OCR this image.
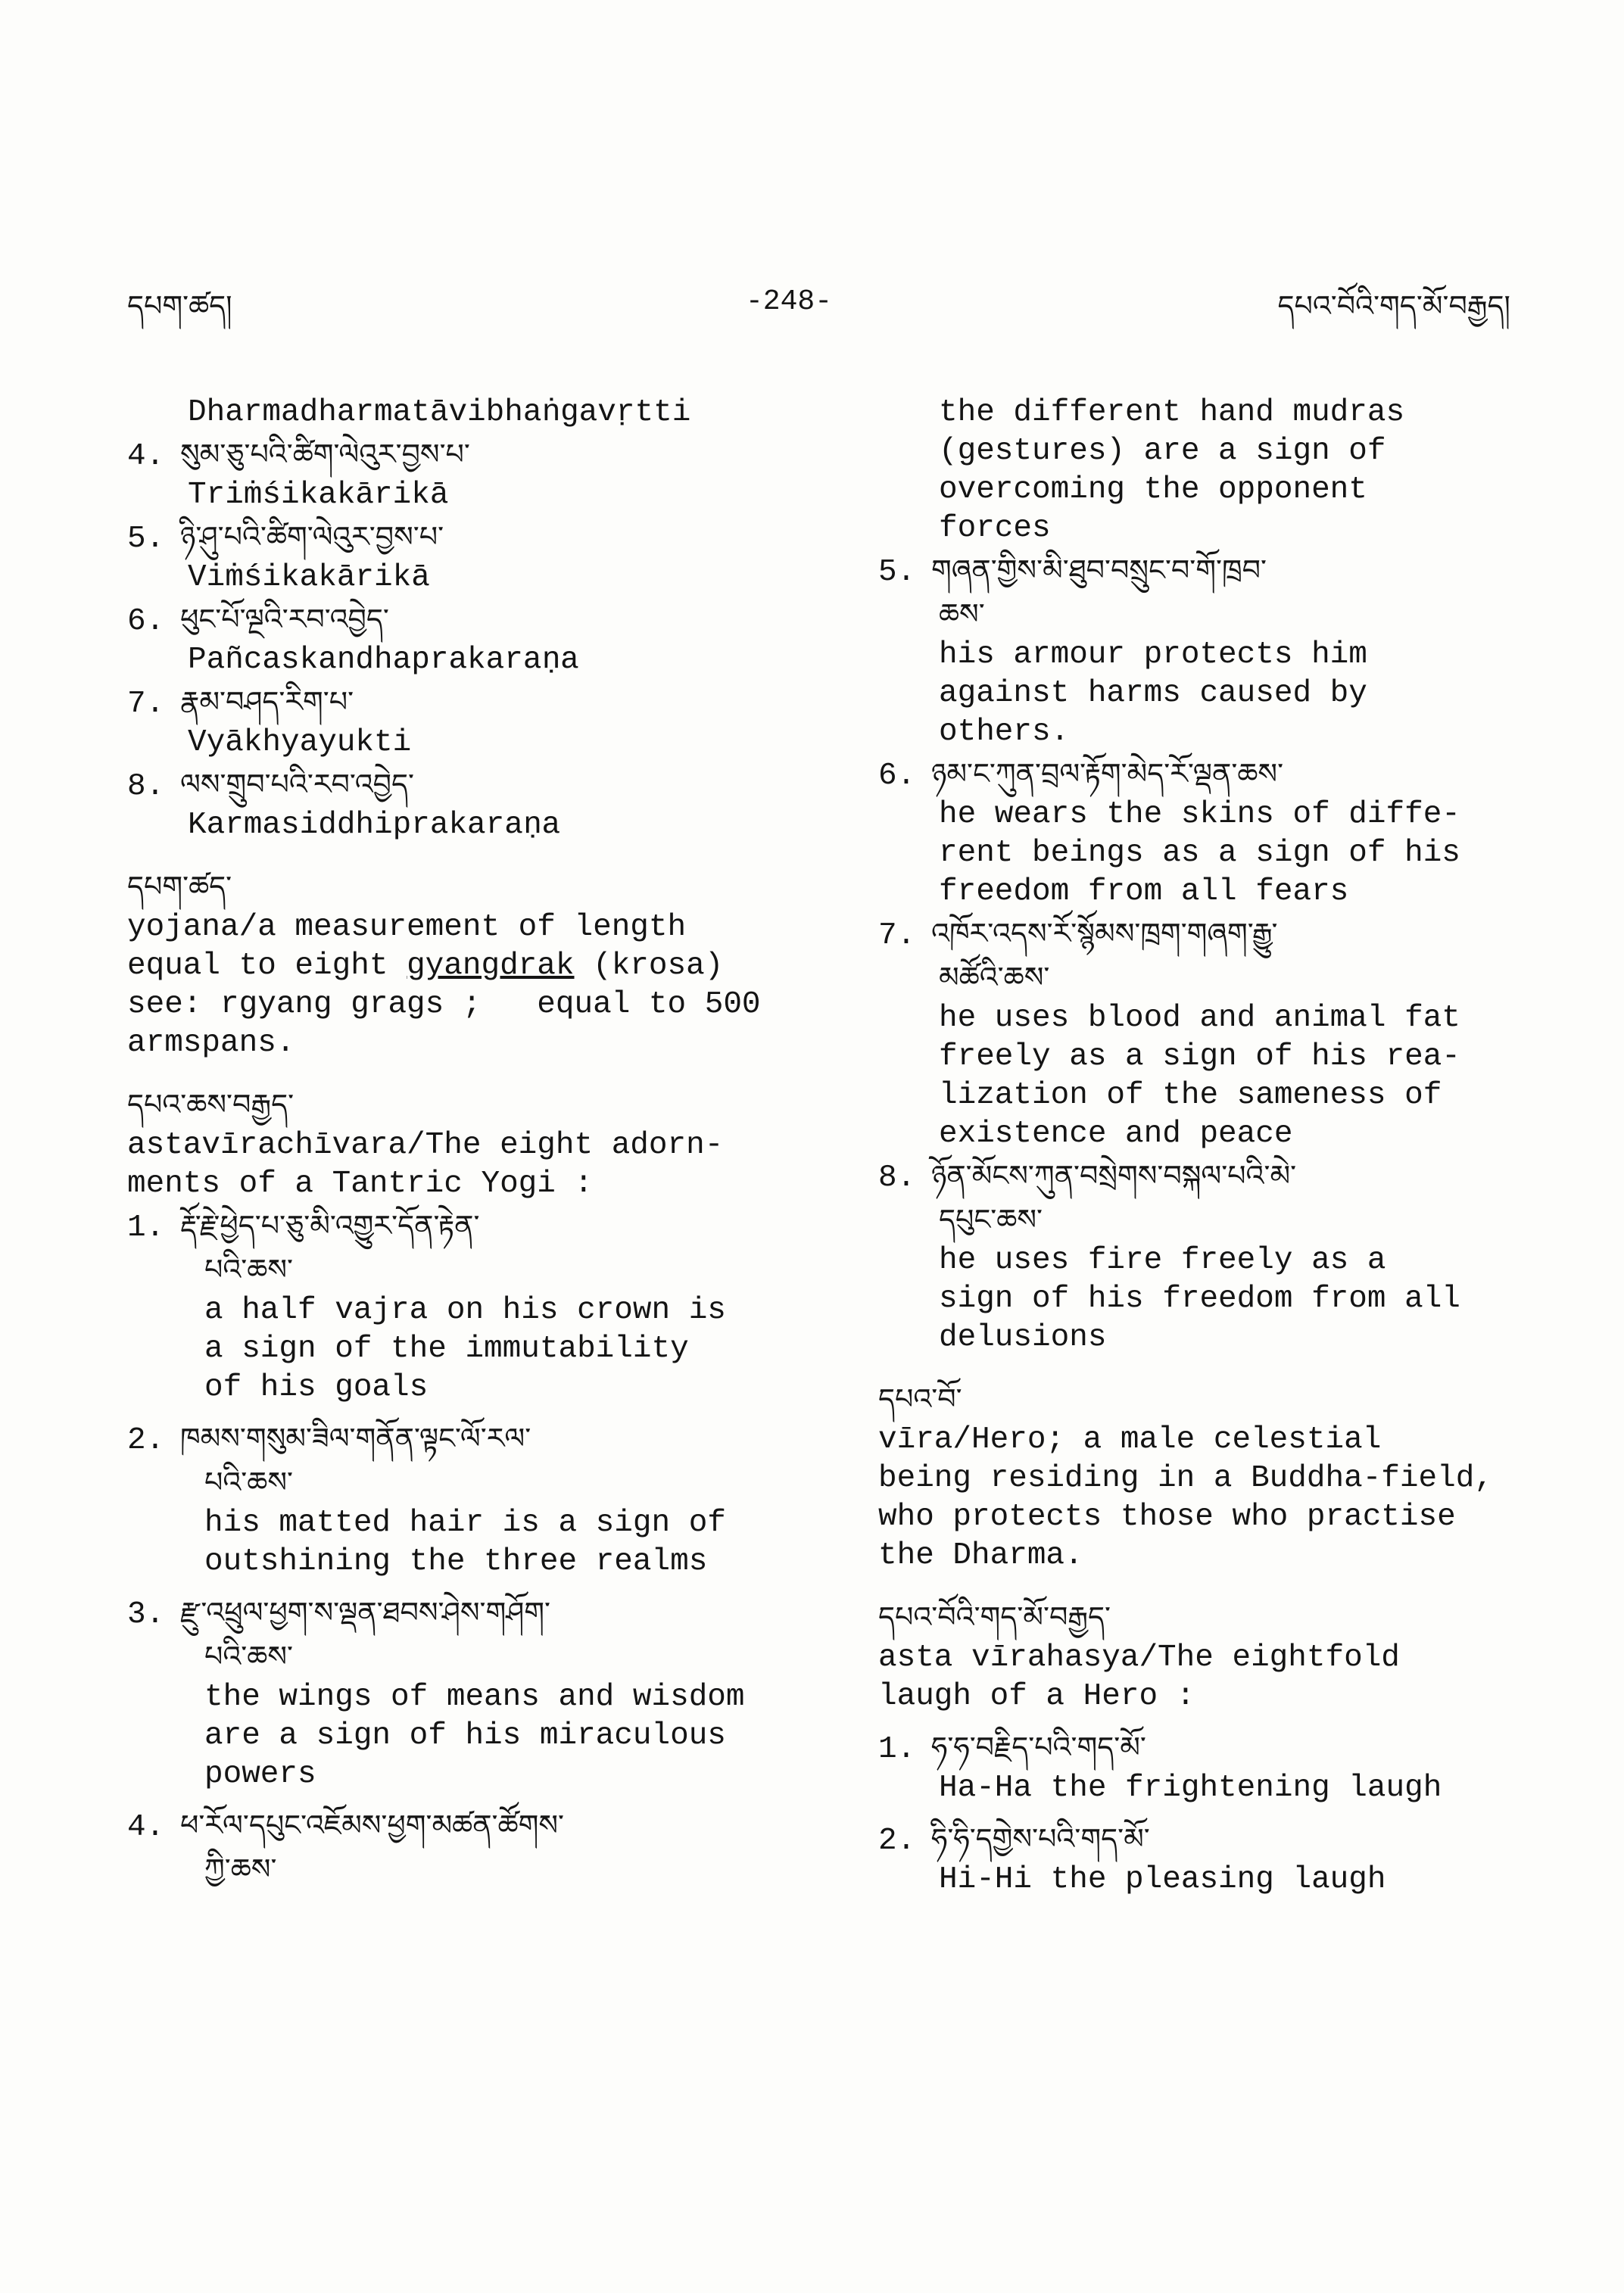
དཔག་ཚད།	-248-	དཔའ་བོའི་གད་མོ་བརྒྱད།
Dharmadharmatāvibhaṅgavṛtti
4. སུམ་ཅུ་པའི་ཚིག་ལེའུར་བྱས་པ་
Triṁśikakārikā
5. ཉི་ཤུ་པའི་ཚིག་ལེའུར་བྱས་པ་
Viṁśikakārikā
6. ཕུང་པོ་ལྔའི་རབ་འབྱེད་
Pañcaskandhaprakaraṇa
7. རྣམ་བཤད་རིག་པ་
Vyākhyayukti
8. ལས་གྲུབ་པའི་རབ་འབྱེད་
Karmasiddhiprakaraṇa
དཔག་ཚད་
yojana/a measurement of length
equal to eight gyangdrak (krosa)
see: rgyang grags ;   equal to 500
armspans.
དཔའ་ཆས་བརྒྱད་
astavīrachīvara/The eight adorn-
ments of a Tantric Yogi :
1. རྡོ་རྗེ་ཕྱེད་པ་ཅུ་མི་འགྱུར་དོན་རྟེན་
པའི་ཆས་
a half vajra on his crown is
a sign of the immutability
of his goals
2. ཁམས་གསུམ་ཟིལ་གནོན་ལྟང་ལོ་རལ་
པའི་ཆས་
his matted hair is a sign of
outshining the three realms
3. རྫུ་འཕྲུལ་ཕྱག་ས་ལྡན་ཐབས་ཤེས་གཤོག་
པའི་ཆས་
the wings of means and wisdom
are a sign of his miraculous
powers
4. ཕ་རོལ་དཔུང་འཇོམས་ཕྱག་མཚན་ཚོགས་
ཀྱི་ཆས་
the different hand mudras
(gestures) are a sign of
overcoming the opponent
forces
5. གཞན་གྱིས་མི་ཐུབ་བསྲུང་བ་གོ་ཁྲབ་
ཆས་
his armour protects him
against harms caused by
others.
6. ཉམ་ང་ཀུན་བྲལ་རྟོག་མེད་རོ་ལྡན་ཆས་
he wears the skins of diffe-
rent beings as a sign of his
freedom from all fears
7. འཁོར་འདས་རོ་སྙོམས་ཁྲག་གཞག་རྒྱུ་
མཚོའི་ཆས་
he uses blood and animal fat
freely as a sign of his rea-
lization of the sameness of
existence and peace
8. ཉོན་མོངས་ཀུན་བསྲེགས་བསྐལ་པའི་མེ་
དཔུང་ཆས་
he uses fire freely as a
sign of his freedom from all
delusions
དཔའ་བོ་
vīra/Hero; a male celestial
being residing in a Buddha-field,
who protects those who practise
the Dharma.
དཔའ་བོའི་གད་མོ་བརྒྱད་
asta vīrahasya/The eightfold
laugh of a Hero :
1. ཧ་ཧ་བརྗིད་པའི་གད་མོ་
Ha-Ha the frightening laugh
2. ཧི་ཧི་དགྱེས་པའི་གད་མོ་
Hi-Hi the pleasing laugh
